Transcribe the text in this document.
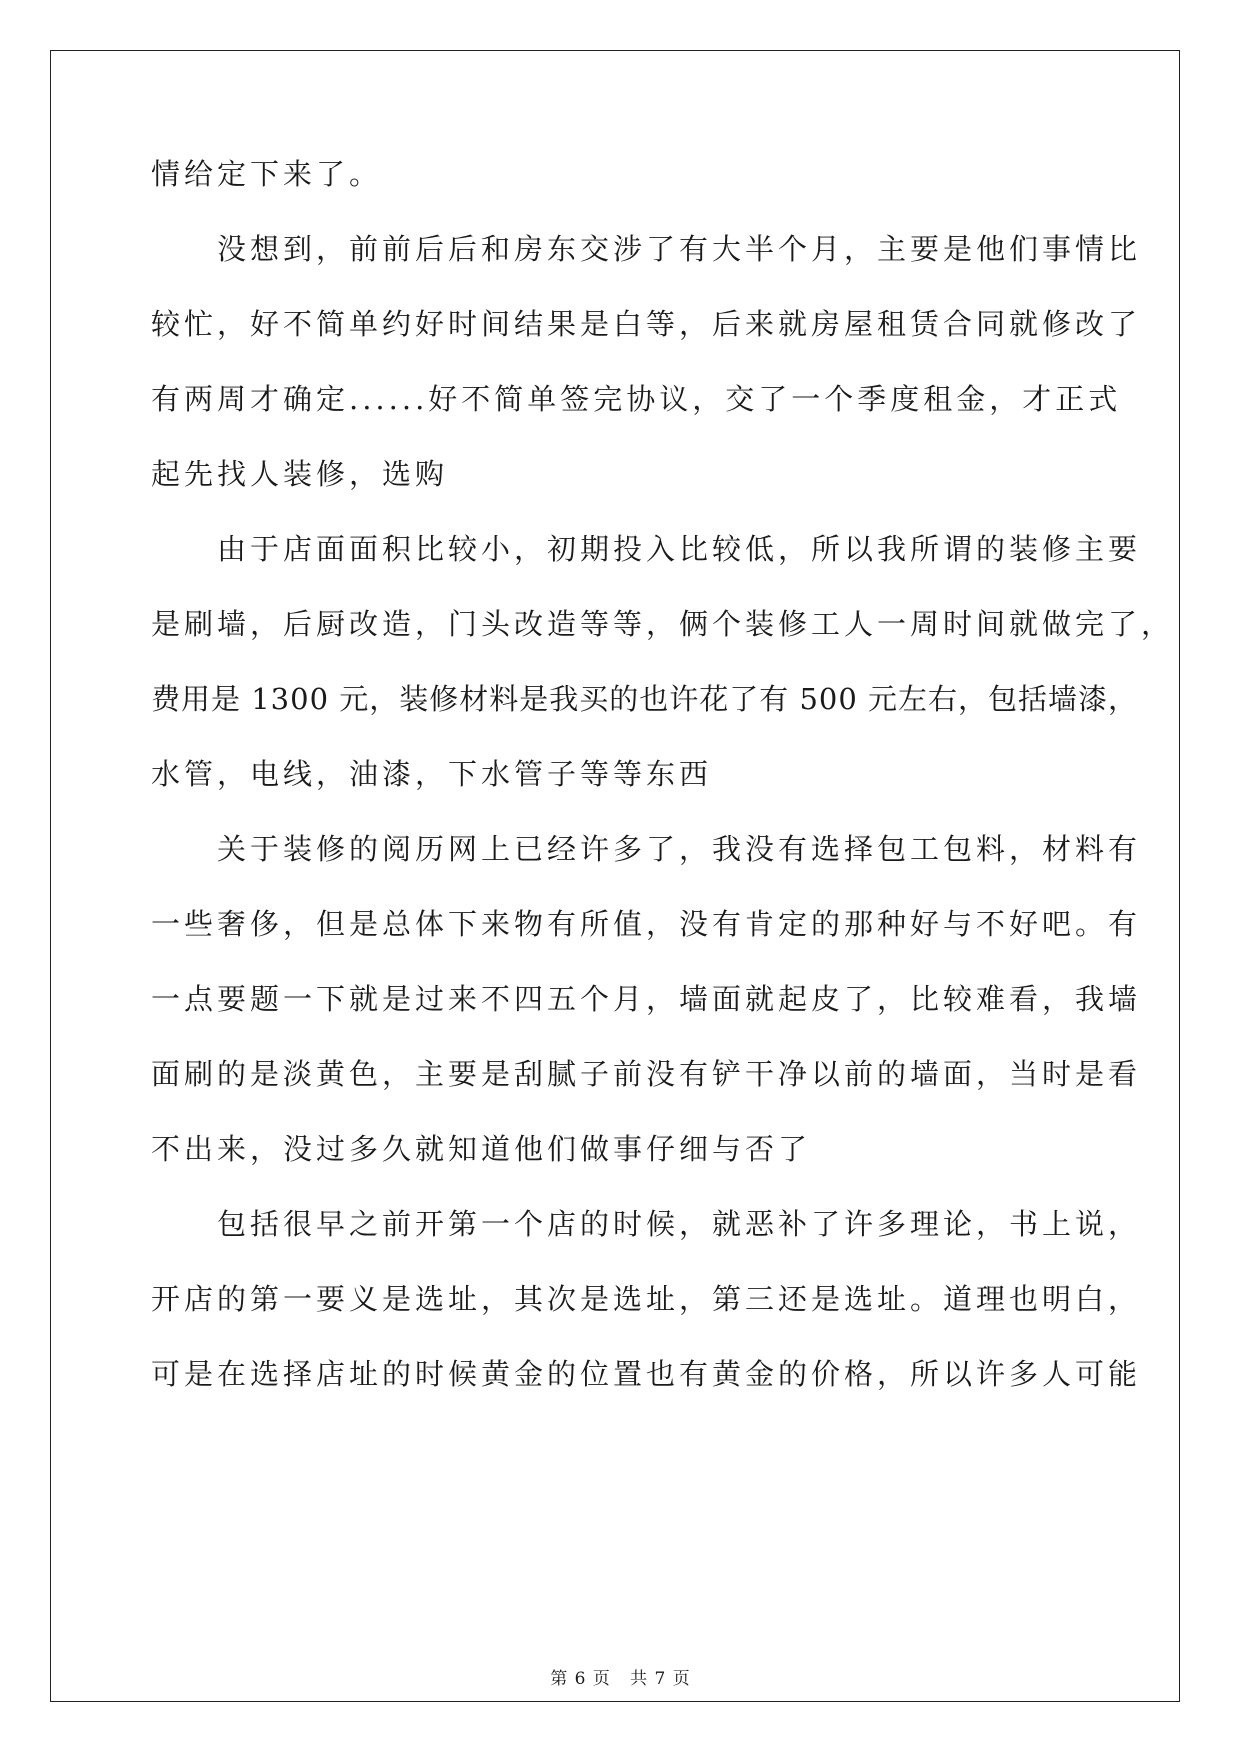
情给定下来了。
　　没想到，前前后后和房东交涉了有大半个月，主要是他们事情比
较忙，好不简单约好时间结果是白等，后来就房屋租赁合同就修改了
有两周才确定......好不简单签完协议，交了一个季度租金，才正式
起先找人装修，选购
　　由于店面面积比较小，初期投入比较低，所以我所谓的装修主要
是刷墙，后厨改造，门头改造等等，俩个装修工人一周时间就做完了，
费用是 1300 元，装修材料是我买的也许花了有 500 元左右，包括墙漆，
水管，电线，油漆，下水管子等等东西
　　关于装修的阅历网上已经许多了，我没有选择包工包料，材料有
一些奢侈，但是总体下来物有所值，没有肯定的那种好与不好吧。有
一点要题一下就是过来不四五个月，墙面就起皮了，比较难看，我墙
面刷的是淡黄色，主要是刮腻子前没有铲干净以前的墙面，当时是看
不出来，没过多久就知道他们做事仔细与否了
　　包括很早之前开第一个店的时候，就恶补了许多理论，书上说，
开店的第一要义是选址，其次是选址，第三还是选址。道理也明白，
可是在选择店址的时候黄金的位置也有黄金的价格，所以许多人可能
第 6 页 共 7 页
